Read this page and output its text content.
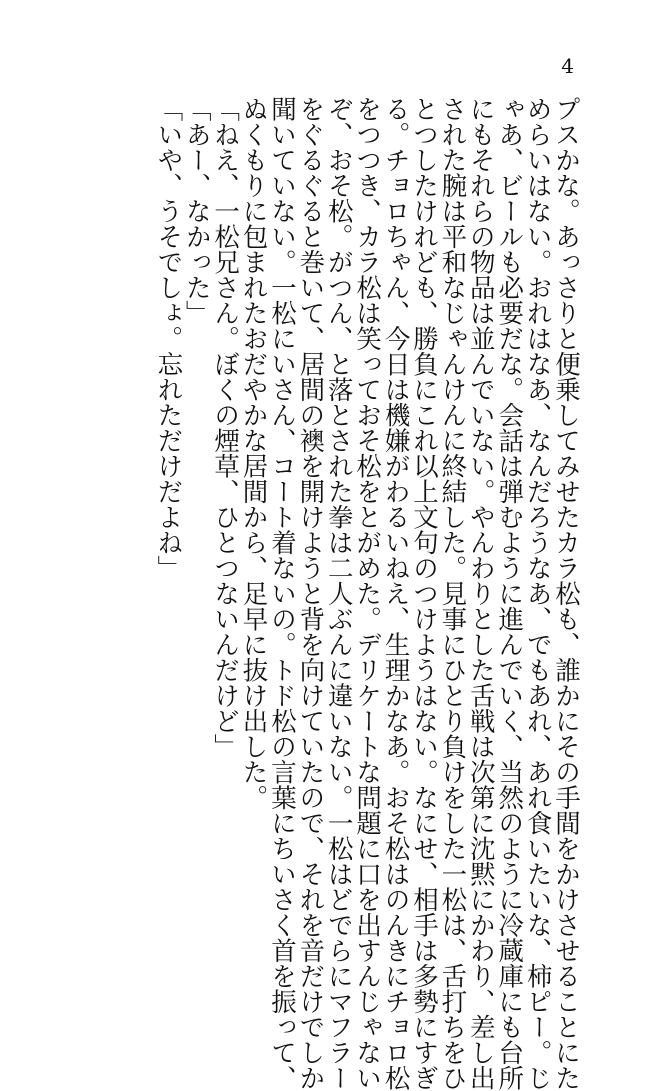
4
プスかな。あっさりと便乗してみせたカラ松も、誰かにその手間をかけさせることにた
めらいはない。おれはなあ、なんだろうなあ、でもあれ、あれ食いたいな、柿ピー。じ
ゃあ、ビールも必要だな。会話は弾むように進んでいく、当然のように冷蔵庫にも台所
にもそれらの物品は並んでいない。やんわりとした舌戦は次第に沈黙にかわり、差し出
された腕は平和なじゃんけんに終結した。見事にひとり負けをした一松は、舌打ちをひ
とつしたけれども、勝負にこれ以上文句のつけようはない。なにせ、相手は多勢にすぎ
る。チョロちゃん、今日は機嫌がわるいねえ、生理かなあ。おそ松はのんきにチョロ松
をつつき、カラ松は笑っておそ松をとがめた。デリケートな問題に口を出すんじゃない
ぞ、おそ松。がつん、と落とされた拳は二人ぶんに違いない。一松はどでらにマフラー
をぐるぐると巻いて、居間の襖を開けようと背を向けていたので、それを音だけでしか
聞いていない。一松にいさん、コート着ないの。トド松の言葉にちいさく首を振って、
ぬくもりに包まれたおだやかな居間から、足早に抜け出した。
「ねえ、一松兄さん。ぼくの煙草、ひとつないんだけど」
「あー、なかった」
「いや、うそでしょ。忘れただけだよね」
